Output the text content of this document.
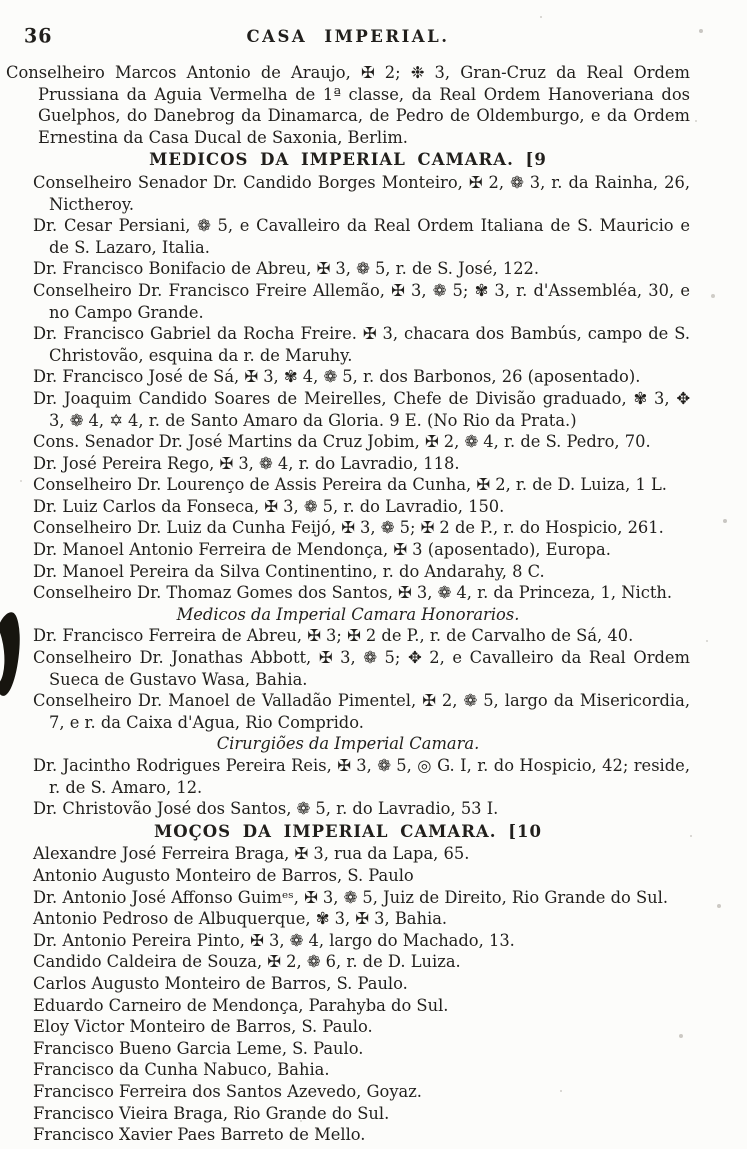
36	CASA IMPERIAL.

Conselheiro Marcos Antonio de Araujo, ✠ 2; ❉ 3, Gran-Cruz da Real Ordem Prussiana da Aguia Vermelha de 1ª classe, da Real Ordem Hanoveriana dos Guelphos, do Danebrog da Dinamarca, de Pedro de Oldemburgo, e da Ordem Ernestina da Casa Ducal de Saxonia, Berlim.

MEDICOS DA IMPERIAL CAMARA. [9
Conselheiro Senador Dr. Candido Borges Monteiro, ✠ 2, ❁ 3, r. da Rainha, 26, Nictheroy.
Dr. Cesar Persiani, ❁ 5, e Cavalleiro da Real Ordem Italiana de S. Mauricio e de S. Lazaro, Italia.
Dr. Francisco Bonifacio de Abreu, ✠ 3, ❁ 5, r. de S. José, 122.
Conselheiro Dr. Francisco Freire Allemão, ✠ 3, ❁ 5; ✾ 3, r. d'Assembléa, 30, e no Campo Grande.
Dr. Francisco Gabriel da Rocha Freire. ✠ 3, chacara dos Bambús, campo de S. Christovão, esquina da r. de Maruhy.
Dr. Francisco José de Sá, ✠ 3, ✾ 4, ❁ 5, r. dos Barbonos, 26 (aposentado).
Dr. Joaquim Candido Soares de Meirelles, Chefe de Divisão graduado, ✾ 3, ✥ 3, ❁ 4, ✡ 4, r. de Santo Amaro da Gloria. 9 E. (No Rio da Prata.)
Cons. Senador Dr. José Martins da Cruz Jobim, ✠ 2, ❁ 4, r. de S. Pedro, 70.
Dr. José Pereira Rego, ✠ 3, ❁ 4, r. do Lavradio, 118.
Conselheiro Dr. Lourenço de Assis Pereira da Cunha, ✠ 2, r. de D. Luiza, 1 L.
Dr. Luiz Carlos da Fonseca, ✠ 3, ❁ 5, r. do Lavradio, 150.
Conselheiro Dr. Luiz da Cunha Feijó, ✠ 3, ❁ 5; ✠ 2 de P., r. do Hospicio, 261.
Dr. Manoel Antonio Ferreira de Mendonça, ✠ 3 (aposentado), Europa.
Dr. Manoel Pereira da Silva Continentino, r. do Andarahy, 8 C.
Conselheiro Dr. Thomaz Gomes dos Santos, ✠ 3, ❁ 4, r. da Princeza, 1, Nicth.
Medicos da Imperial Camara Honorarios.
Dr. Francisco Ferreira de Abreu, ✠ 3; ✠ 2 de P., r. de Carvalho de Sá, 40.
Conselheiro Dr. Jonathas Abbott, ✠ 3, ❁ 5; ✥ 2, e Cavalleiro da Real Ordem Sueca de Gustavo Wasa, Bahia.
Conselheiro Dr. Manoel de Valladão Pimentel, ✠ 2, ❁ 5, largo da Misericordia, 7, e r. da Caixa d'Agua, Rio Comprido.
Cirurgiões da Imperial Camara.
Dr. Jacintho Rodrigues Pereira Reis, ✠ 3, ❁ 5, ◎ G. I, r. do Hospicio, 42; reside, r. de S. Amaro, 12.
Dr. Christovão José dos Santos, ❁ 5, r. do Lavradio, 53 I.
MOÇOS DA IMPERIAL CAMARA. [10
Alexandre José Ferreira Braga, ✠ 3, rua da Lapa, 65.
Antonio Augusto Monteiro de Barros, S. Paulo
Dr. Antonio José Affonso Guimᵉˢ, ✠ 3, ❁ 5, Juiz de Direito, Rio Grande do Sul.
Antonio Pedroso de Albuquerque, ✾ 3, ✠ 3, Bahia.
Dr. Antonio Pereira Pinto, ✠ 3, ❁ 4, largo do Machado, 13.
Candido Caldeira de Souza, ✠ 2, ❁ 6, r. de D. Luiza.
Carlos Augusto Monteiro de Barros, S. Paulo.
Eduardo Carneiro de Mendonça, Parahyba do Sul.
Eloy Victor Monteiro de Barros, S. Paulo.
Francisco Bueno Garcia Leme, S. Paulo.
Francisco da Cunha Nabuco, Bahia.
Francisco Ferreira dos Santos Azevedo, Goyaz.
Francisco Vieira Braga, Rio Grande do Sul.
Francisco Xavier Paes Barreto de Mello.
